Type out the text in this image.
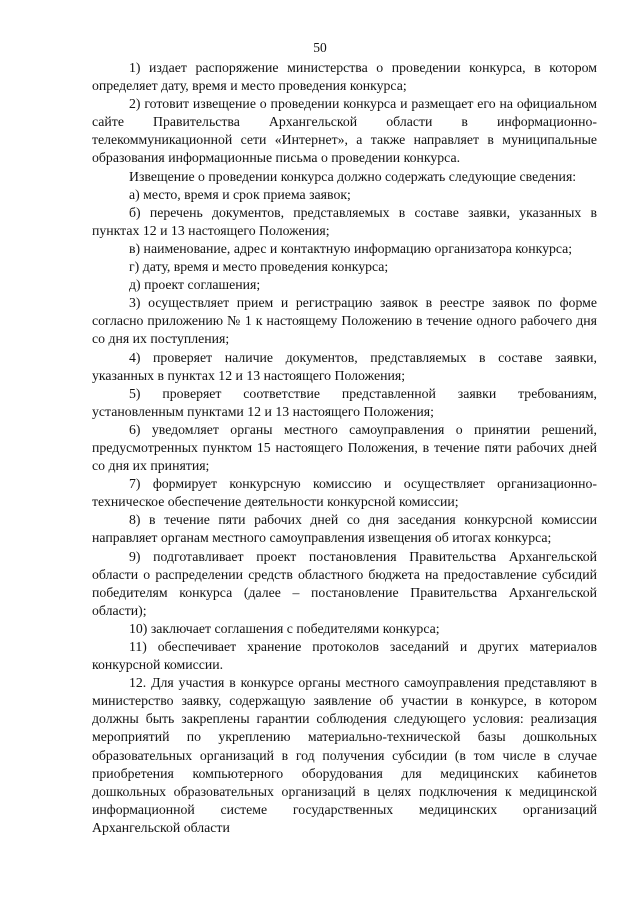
50

1) издает распоряжение министерства о проведении конкурса, в котором определяет дату, время и место проведения конкурса;

2) готовит извещение о проведении конкурса и размещает его на официальном сайте Правительства Архангельской области в информационно-телекоммуникационной сети «Интернет», а также направляет в муниципальные образования информационные письма о проведении конкурса.

Извещение о проведении конкурса должно содержать следующие сведения:

а) место, время и срок приема заявок;

б) перечень документов, представляемых в составе заявки, указанных в пунктах 12 и 13 настоящего Положения;

в) наименование, адрес и контактную информацию организатора конкурса;

г) дату, время и место проведения конкурса;

д) проект соглашения;

3) осуществляет прием и регистрацию заявок в реестре заявок по форме согласно приложению № 1 к настоящему Положению в течение одного рабочего дня со дня их поступления;

4) проверяет наличие документов, представляемых в составе заявки, указанных в пунктах 12 и 13 настоящего Положения;

5) проверяет соответствие представленной заявки требованиям, установленным пунктами 12 и 13 настоящего Положения;

6) уведомляет органы местного самоуправления о принятии решений, предусмотренных пунктом 15 настоящего Положения, в течение пяти рабочих дней со дня их принятия;

7) формирует конкурсную комиссию и осуществляет организационно-техническое обеспечение деятельности конкурсной комиссии;

8) в течение пяти рабочих дней со дня заседания конкурсной комиссии направляет органам местного самоуправления извещения об итогах конкурса;

9) подготавливает проект постановления Правительства Архангельской области о распределении средств областного бюджета на предоставление субсидий победителям конкурса (далее – постановление Правительства Архангельской области);

10) заключает соглашения с победителями конкурса;

11) обеспечивает хранение протоколов заседаний и других материалов конкурсной комиссии.

12. Для участия в конкурсе органы местного самоуправления представляют в министерство заявку, содержащую заявление об участии в конкурсе, в котором должны быть закреплены гарантии соблюдения следующего условия: реализация мероприятий по укреплению материально-технической базы дошкольных образовательных организаций в год получения субсидии (в том числе в случае приобретения компьютерного оборудования для медицинских кабинетов дошкольных образовательных организаций в целях подключения к медицинской информационной системе государственных медицинских организаций Архангельской области
